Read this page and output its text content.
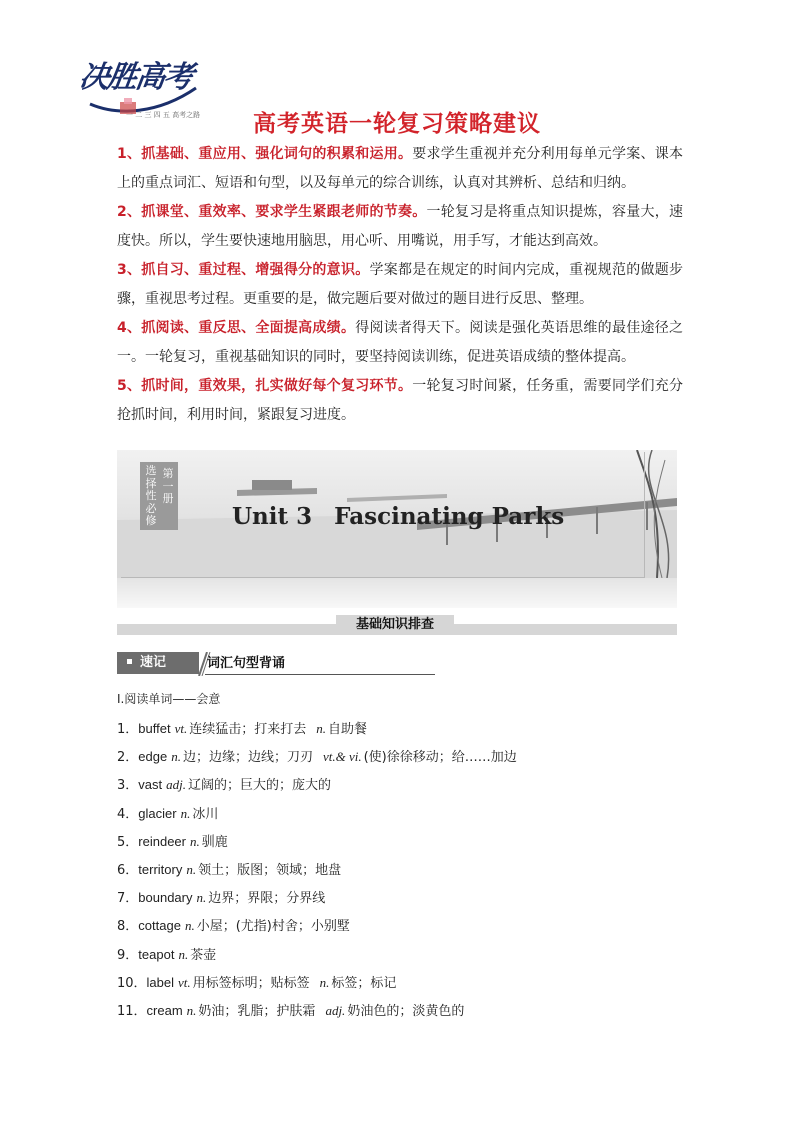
决胜高考
一 二 三 四 五 高考之路	高考英语一轮复习策略建议
1、抓基础、重应用、强化词句的积累和运用。要求学生重视并充分利用每单元学案、课本上的重点词汇、短语和句型，以及每单元的综合训练，认真对其辨析、总结和归纳。
2、抓课堂、重效率、要求学生紧跟老师的节奏。一轮复习是将重点知识提炼，容量大，速度快。所以，学生要快速地用脑思，用心听、用嘴说，用手写，才能达到高效。
3、抓自习、重过程、增强得分的意识。学案都是在规定的时间内完成，重视规范的做题步骤，重视思考过程。更重要的是，做完题后要对做过的题目进行反思、整理。
4、抓阅读、重反思、全面提高成绩。得阅读者得天下。阅读是强化英语思维的最佳途径之一。一轮复习，重视基础知识的同时，要坚持阅读训练，促进英语成绩的整体提高。
5、抓时间，重效果，扎实做好每个复习环节。一轮复习时间紧，任务重，需要同学们充分抢抓时间，利用时间，紧跟复习进度。
选择性必修
第一册
Unit 3 Fascinating Parks
基础知识排查
速记	词汇句型背诵
Ⅰ.阅读单词——会意
1．buffet vt. 连续猛击；打来打去 n. 自助餐
2．edge n. 边；边缘；边线；刀刃 vt.& vi. (使)徐徐移动；给……加边
3．vast adj. 辽阔的；巨大的；庞大的
4．glacier n. 冰川
5．reindeer n. 驯鹿
6．territory n. 领土；版图；领域；地盘
7．boundary n. 边界；界限；分界线
8．cottage n. 小屋；(尤指)村舍；小别墅
9．teapot n. 茶壶
10．label vt. 用标签标明；贴标签 n. 标签；标记
11．cream n. 奶油；乳脂；护肤霜 adj. 奶油色的；淡黄色的
